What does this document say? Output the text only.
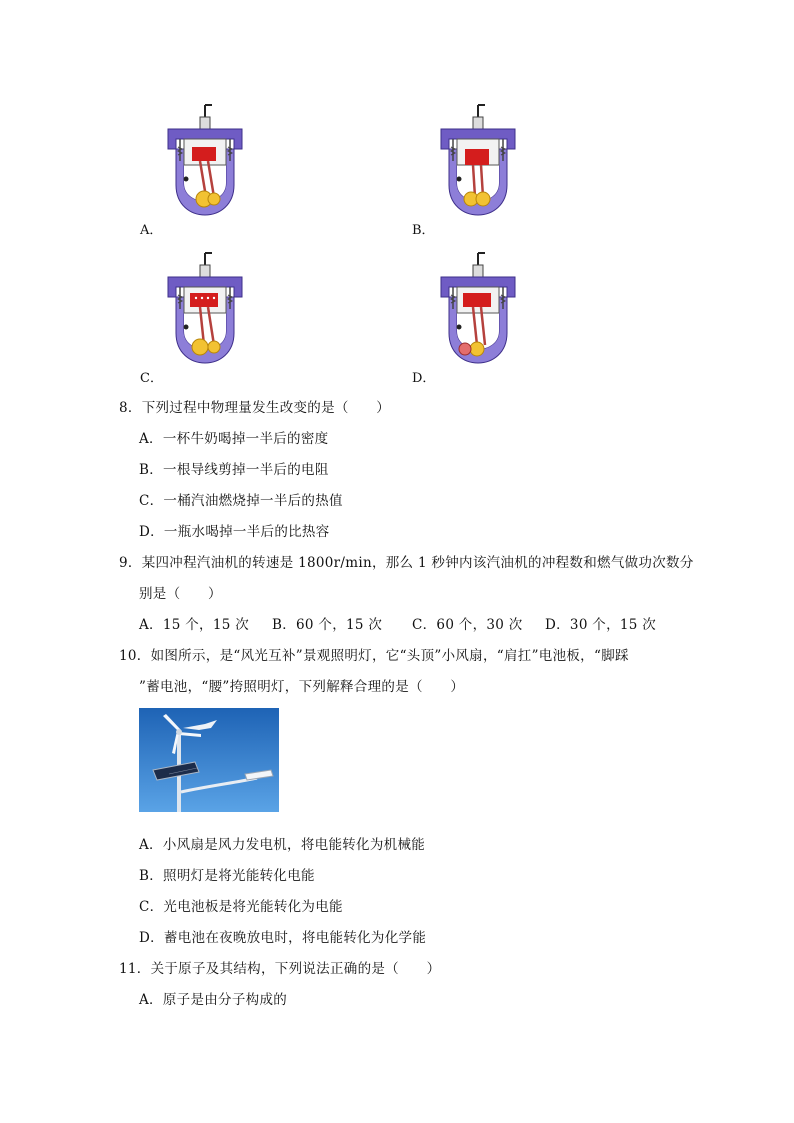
A．	B．
C．	D．
8．下列过程中物理量发生改变的是（　　）
A．一杯牛奶喝掉一半后的密度
B．一根导线剪掉一半后的电阻
C．一桶汽油燃烧掉一半后的热值
D．一瓶水喝掉一半后的比热容
9．某四冲程汽油机的转速是 1800r/min，那么 1 秒钟内该汽油机的冲程数和燃气做功次数分
别是（　　）
A．15 个，15 次 B．60 个，15 次 C．60 个，30 次 D．30 个，15 次
10．如图所示，是“风光互补”景观照明灯，它“头顶”小风扇，“肩扛”电池板，“脚踩
”蓄电池，“腰”挎照明灯，下列解释合理的是（　　）
A．小风扇是风力发电机，将电能转化为机械能
B．照明灯是将光能转化电能
C．光电池板是将光能转化为电能
D．蓄电池在夜晚放电时，将电能转化为化学能
11．关于原子及其结构，下列说法正确的是（　　）
A．原子是由分子构成的
